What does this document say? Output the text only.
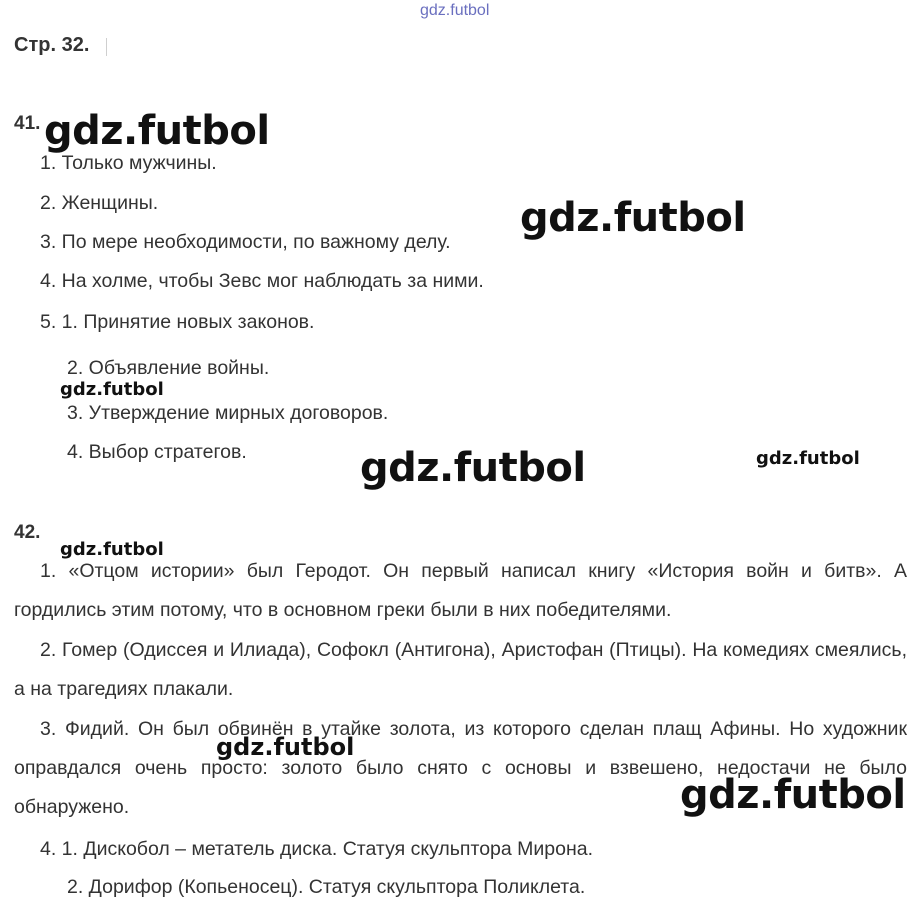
gdz.futbol
Стр. 32.
41.
1. Только мужчины.
2. Женщины.
3. По мере необходимости, по важному делу.
4. На холме, чтобы Зевс мог наблюдать за ними.
5. 1. Принятие новых законов.
2. Объявление войны.
3. Утверждение мирных договоров.
4. Выбор стратегов.
42.

1. «Отцом истории» был Геродот. Он первый написал книгу «История войн и битв». А гордились этим потому, что в основном греки были в них победителями.

2. Гомер (Одиссея и Илиада), Софокл (Антигона), Аристофан (Птицы). На комедиях смеялись, а на трагедиях плакали.

3. Фидий. Он был обвинён в утайке золота, из которого сделан плащ Афины. Но художник оправдался очень просто: золото было снято с основы и взвешено, недостачи не было обнаружено.

4. 1. Дискобол – метатель диска. Статуя скульптора Мирона.
2. Дорифор (Копьеносец). Статуя скульптора Поликлета.
gdz.futbol
gdz.futbol
gdz.futbol
gdz.futbol	gdz.futbol
gdz.futbol
gdz.futbol
gdz.futbol
